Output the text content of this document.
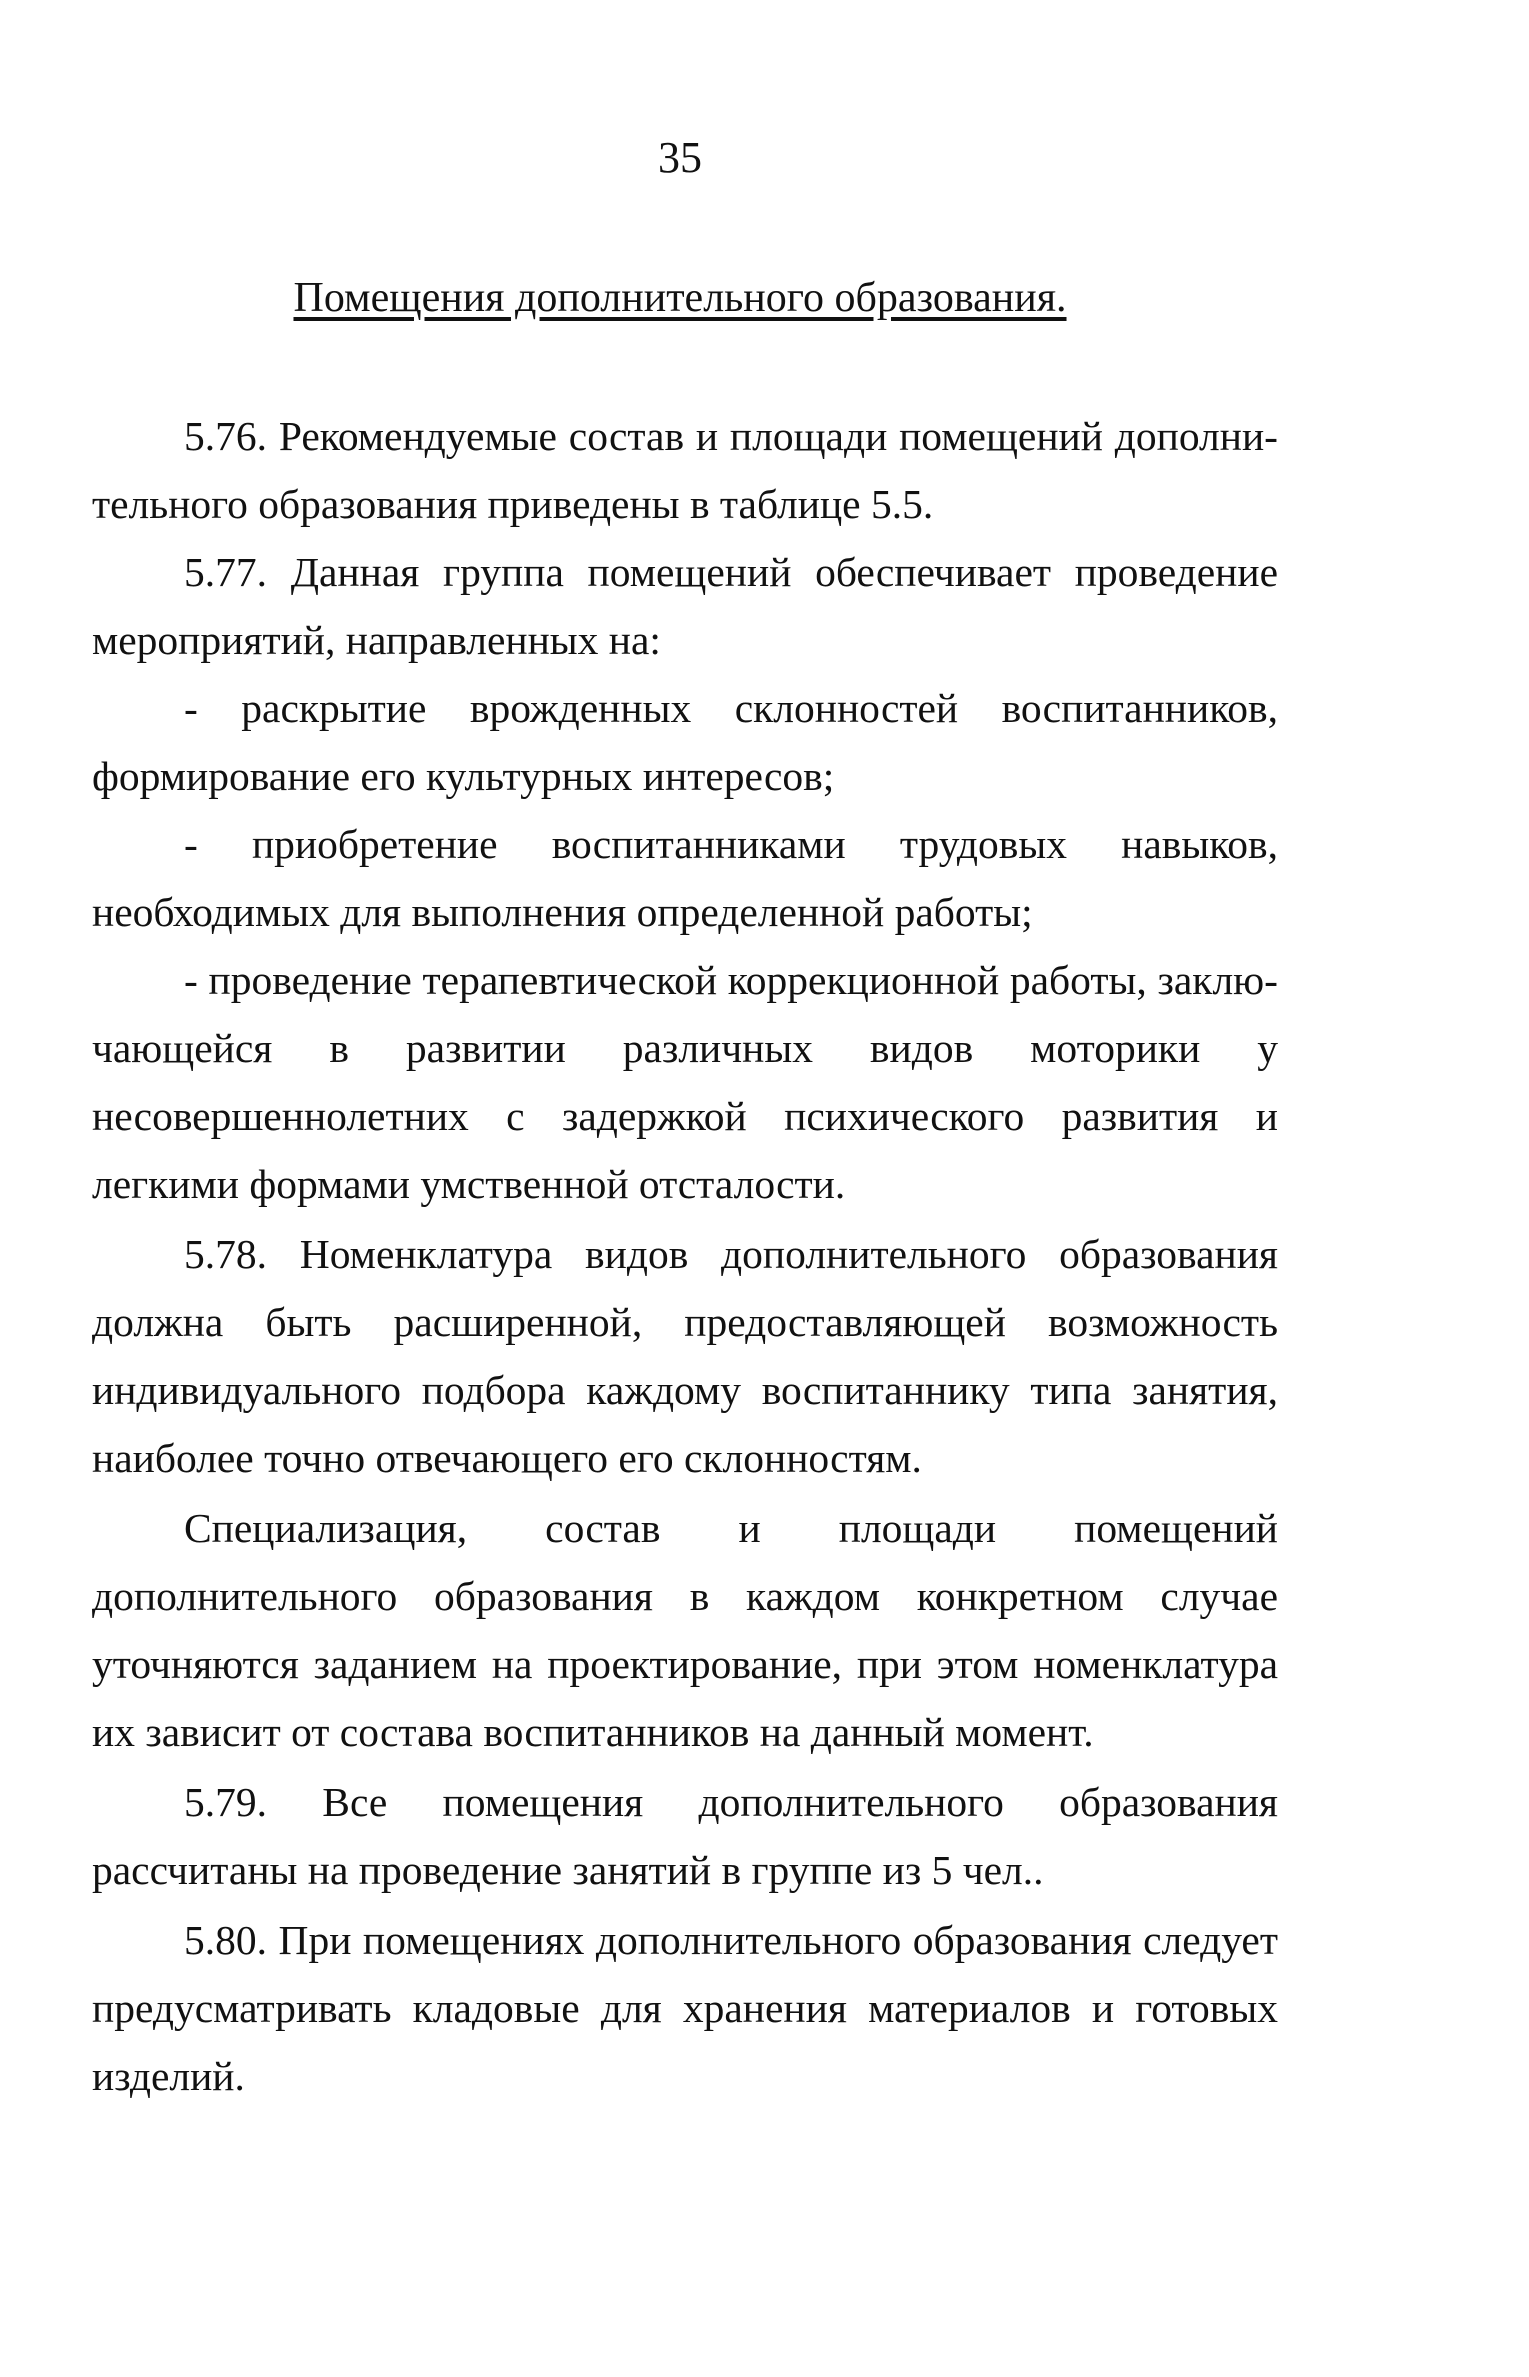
35
Помещения дополнительного образования.

5.76. Рекомендуемые состав и площади помещений дополнительного образования приведены в таблице 5.5.

5.77. Данная группа помещений обеспечивает проведение мероприятий, направленных на:

- раскрытие врожденных склонностей воспитанников, формирование его культурных интересов;

- приобретение воспитанниками трудовых навыков, необходимых для выполнения определенной работы;

- проведение терапевтической коррекционной работы, заключающейся в развитии различных видов моторики у несовершеннолетних с задержкой психического развития и легкими формами умственной отсталости.

5.78. Номенклатура видов дополнительного образования должна быть расширенной, предоставляющей возможность индивидуального подбора каждому воспитаннику типа занятия, наиболее точно отвечающего его склонностям.

Специализация, состав и площади помещений дополнительного образования в каждом конкретном случае уточняются заданием на проектирование, при этом номенклатура их зависит от состава воспитанников на данный момент.

5.79. Все помещения дополнительного образования рассчитаны на проведение занятий в группе из 5 чел..

5.80. При помещениях дополнительного образования следует предусматривать кладовые для хранения материалов и готовых изделий.
